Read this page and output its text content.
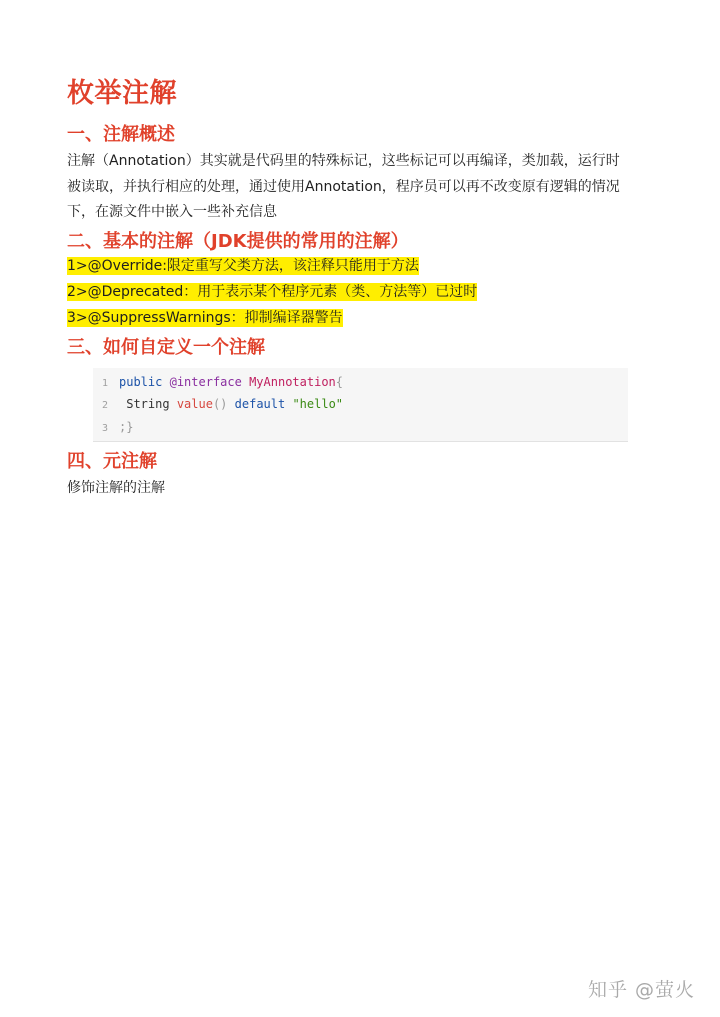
枚举注解
一、注解概述
注解（Annotation）其实就是代码里的特殊标记，这些标记可以再编译，类加载，运行时
被读取，并执行相应的处理，通过使用Annotation，程序员可以再不改变原有逻辑的情况
下，在源文件中嵌入一些补充信息
二、基本的注解（JDK提供的常用的注解）
1>@Override:限定重写父类方法，该注释只能用于方法
2>@Deprecated：用于表示某个程序元素（类、方法等）已过时
3>@SuppressWarnings：抑制编译器警告
三、如何自定义一个注解
1 public @interface MyAnnotation{
2 String value() default "hello"
3 ;}
四、元注解
修饰注解的注解
知乎 @萤火
